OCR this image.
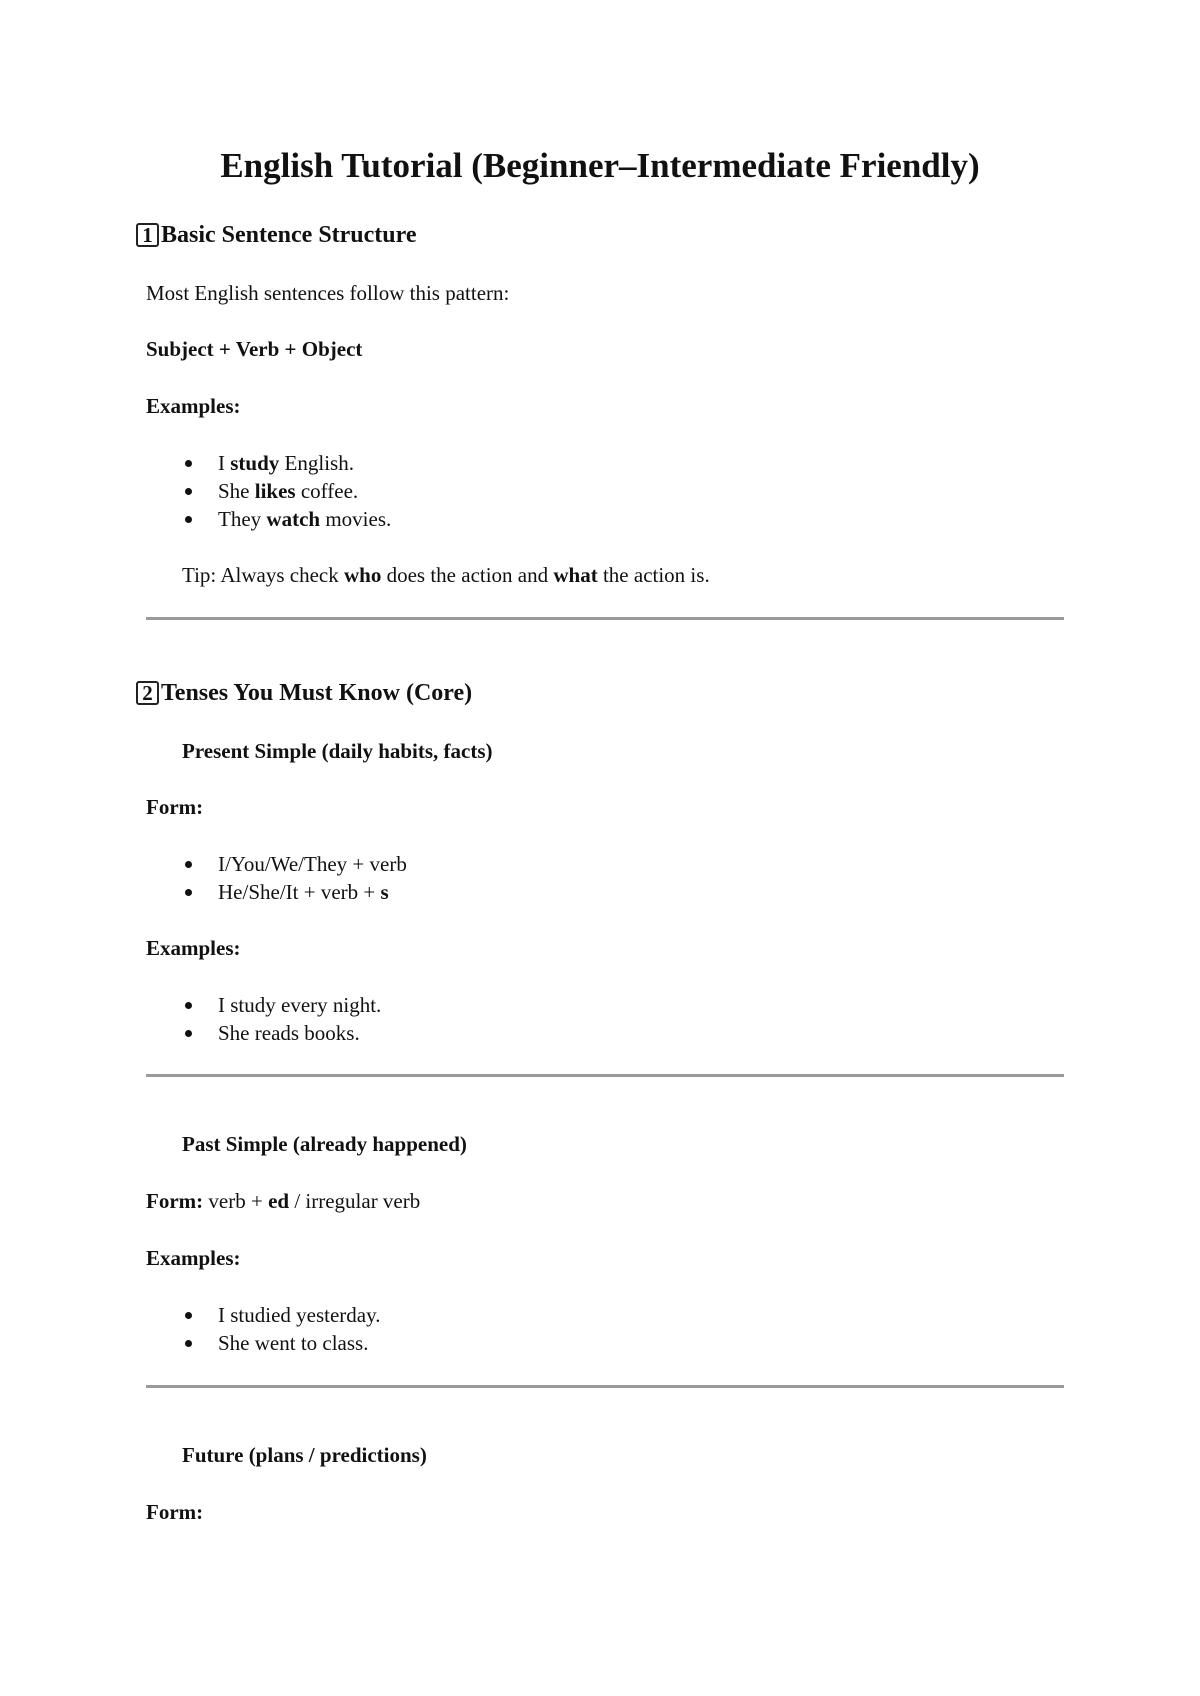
English Tutorial (Beginner–Intermediate Friendly)
1 Basic Sentence Structure
Most English sentences follow this pattern:
Subject + Verb + Object
Examples:
I study English.
She likes coffee.
They watch movies.
Tip: Always check who does the action and what the action is.
2 Tenses You Must Know (Core)
Present Simple (daily habits, facts)
Form:
I/You/We/They + verb
He/She/It + verb + s
Examples:
I study every night.
She reads books.
Past Simple (already happened)
Form: verb + ed / irregular verb
Examples:
I studied yesterday.
She went to class.
Future (plans / predictions)
Form:
